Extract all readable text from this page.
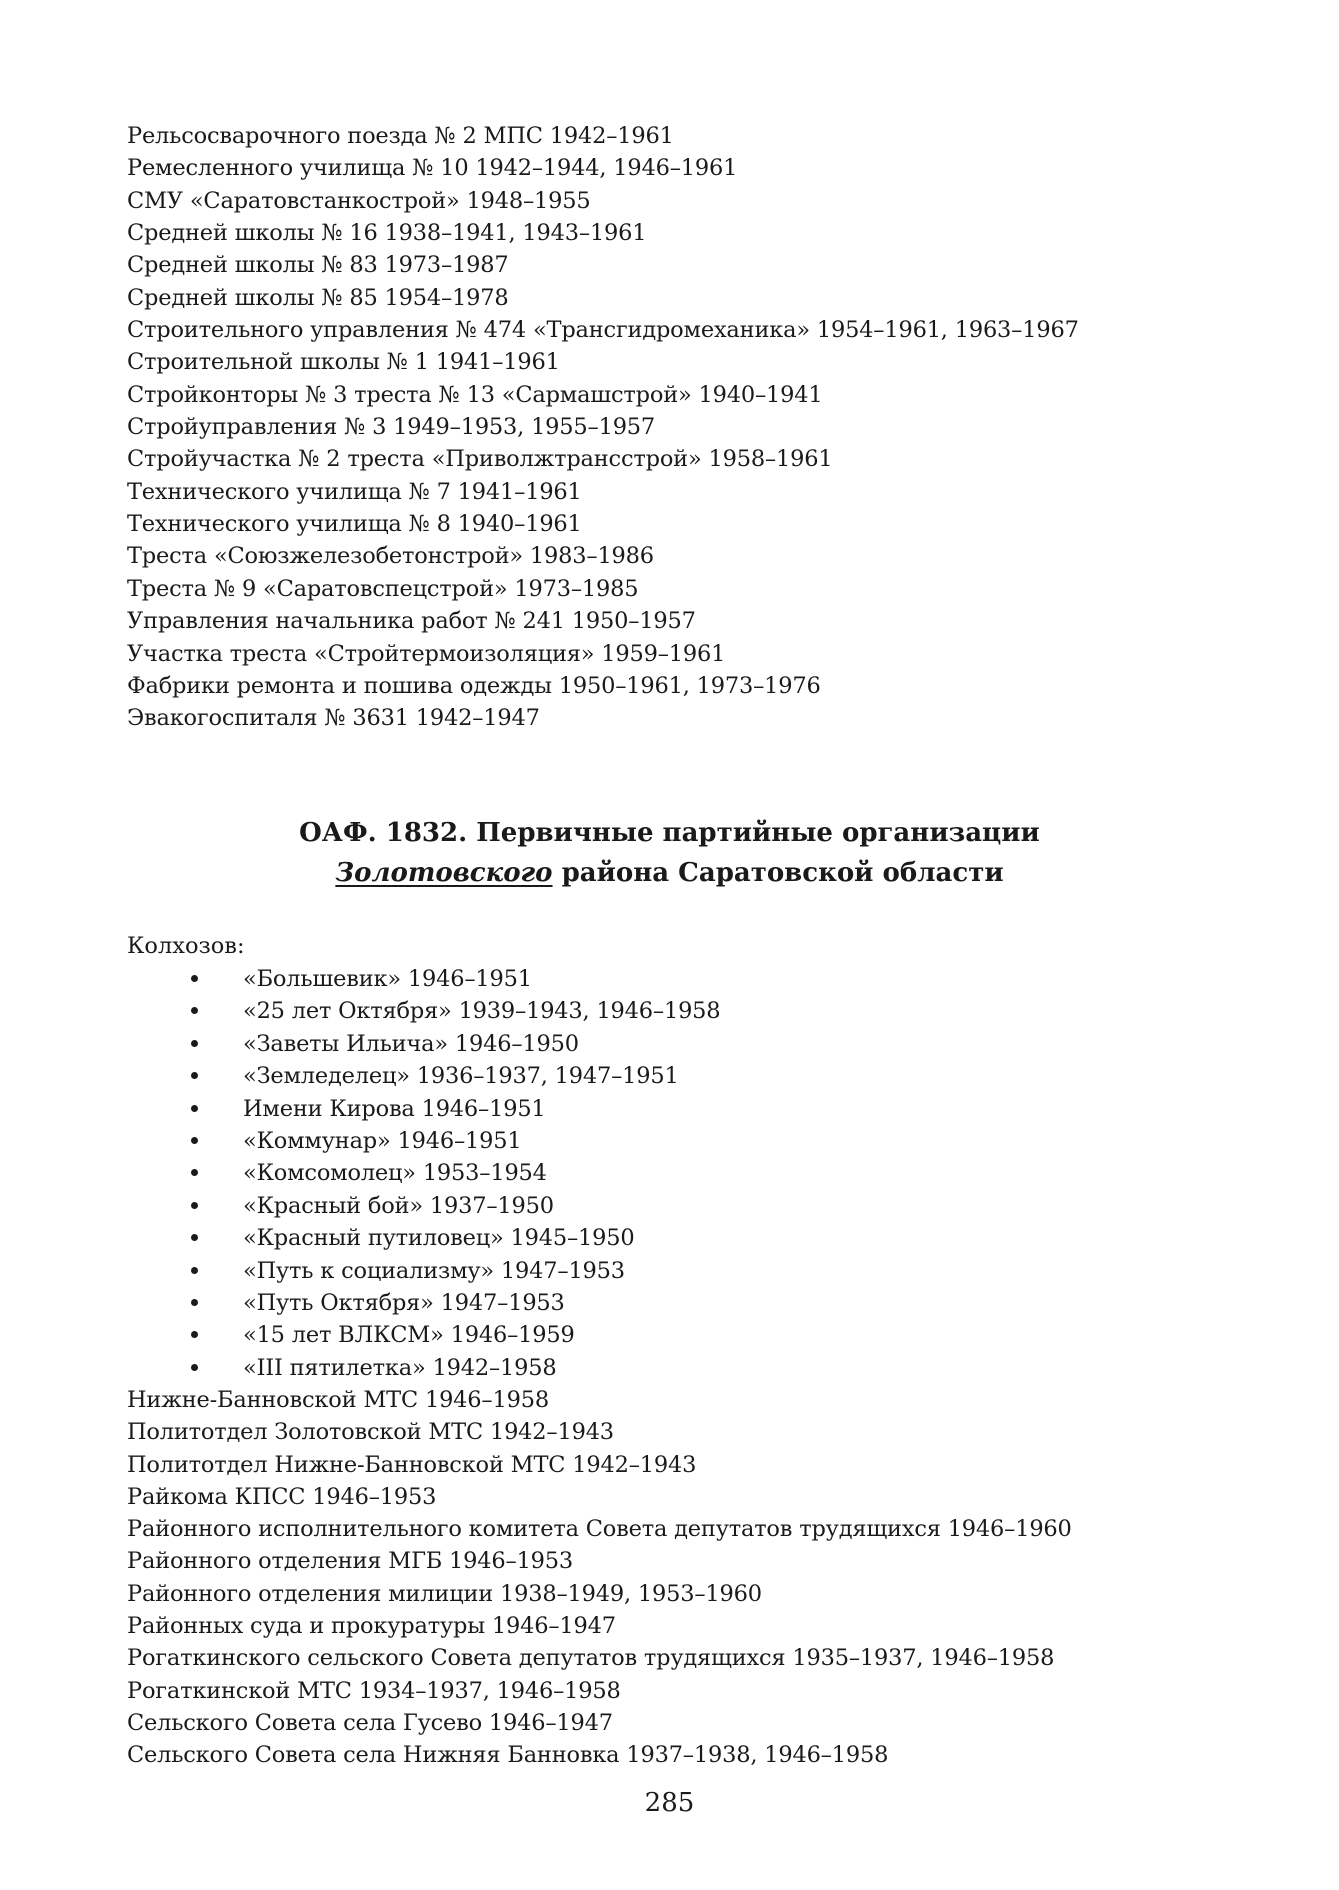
Рельсосварочного поезда № 2 МПС 1942–1961
Ремесленного училища № 10 1942–1944, 1946–1961
СМУ «Саратовстанкострой» 1948–1955
Средней школы № 16 1938–1941, 1943–1961
Средней школы № 83 1973–1987
Средней школы № 85 1954–1978
Строительного управления № 474 «Трансгидромеханика» 1954–1961, 1963–1967
Строительной школы № 1 1941–1961
Стройконторы № 3 треста № 13 «Сармашстрой» 1940–1941
Стройуправления № 3 1949–1953, 1955–1957
Стройучастка № 2 треста «Приволжтрансстрой» 1958–1961
Технического училища № 7 1941–1961
Технического училища № 8 1940–1961
Треста «Союзжелезобетонстрой» 1983–1986
Треста № 9 «Саратовспецстрой» 1973–1985
Управления начальника работ № 241 1950–1957
Участка треста «Стройтермоизоляция» 1959–1961
Фабрики ремонта и пошива одежды 1950–1961, 1973–1976
Эвакогоспиталя № 3631 1942–1947
ОАФ. 1832. Первичные партийные организации
Золотовского района Саратовской области
Колхозов:
«Большевик» 1946–1951
«25 лет Октября» 1939–1943, 1946–1958
«Заветы Ильича» 1946–1950
«Земледелец» 1936–1937, 1947–1951
Имени Кирова 1946–1951
«Коммунар» 1946–1951
«Комсомолец» 1953–1954
«Красный бой» 1937–1950
«Красный путиловец» 1945–1950
«Путь к социализму» 1947–1953
«Путь Октября» 1947–1953
«15 лет ВЛКСМ» 1946–1959
«III пятилетка» 1942–1958
Нижне-Банновской МТС 1946–1958
Политотдел Золотовской МТС 1942–1943
Политотдел Нижне-Банновской МТС 1942–1943
Райкома КПСС 1946–1953
Районного исполнительного комитета Совета депутатов трудящихся 1946–1960
Районного отделения МГБ 1946–1953
Районного отделения милиции 1938–1949, 1953–1960
Районных суда и прокуратуры 1946–1947
Рогаткинского сельского Совета депутатов трудящихся 1935–1937, 1946–1958
Рогаткинской МТС 1934–1937, 1946–1958
Сельского Совета села Гусево 1946–1947
Сельского Совета села Нижняя Банновка 1937–1938, 1946–1958
285
